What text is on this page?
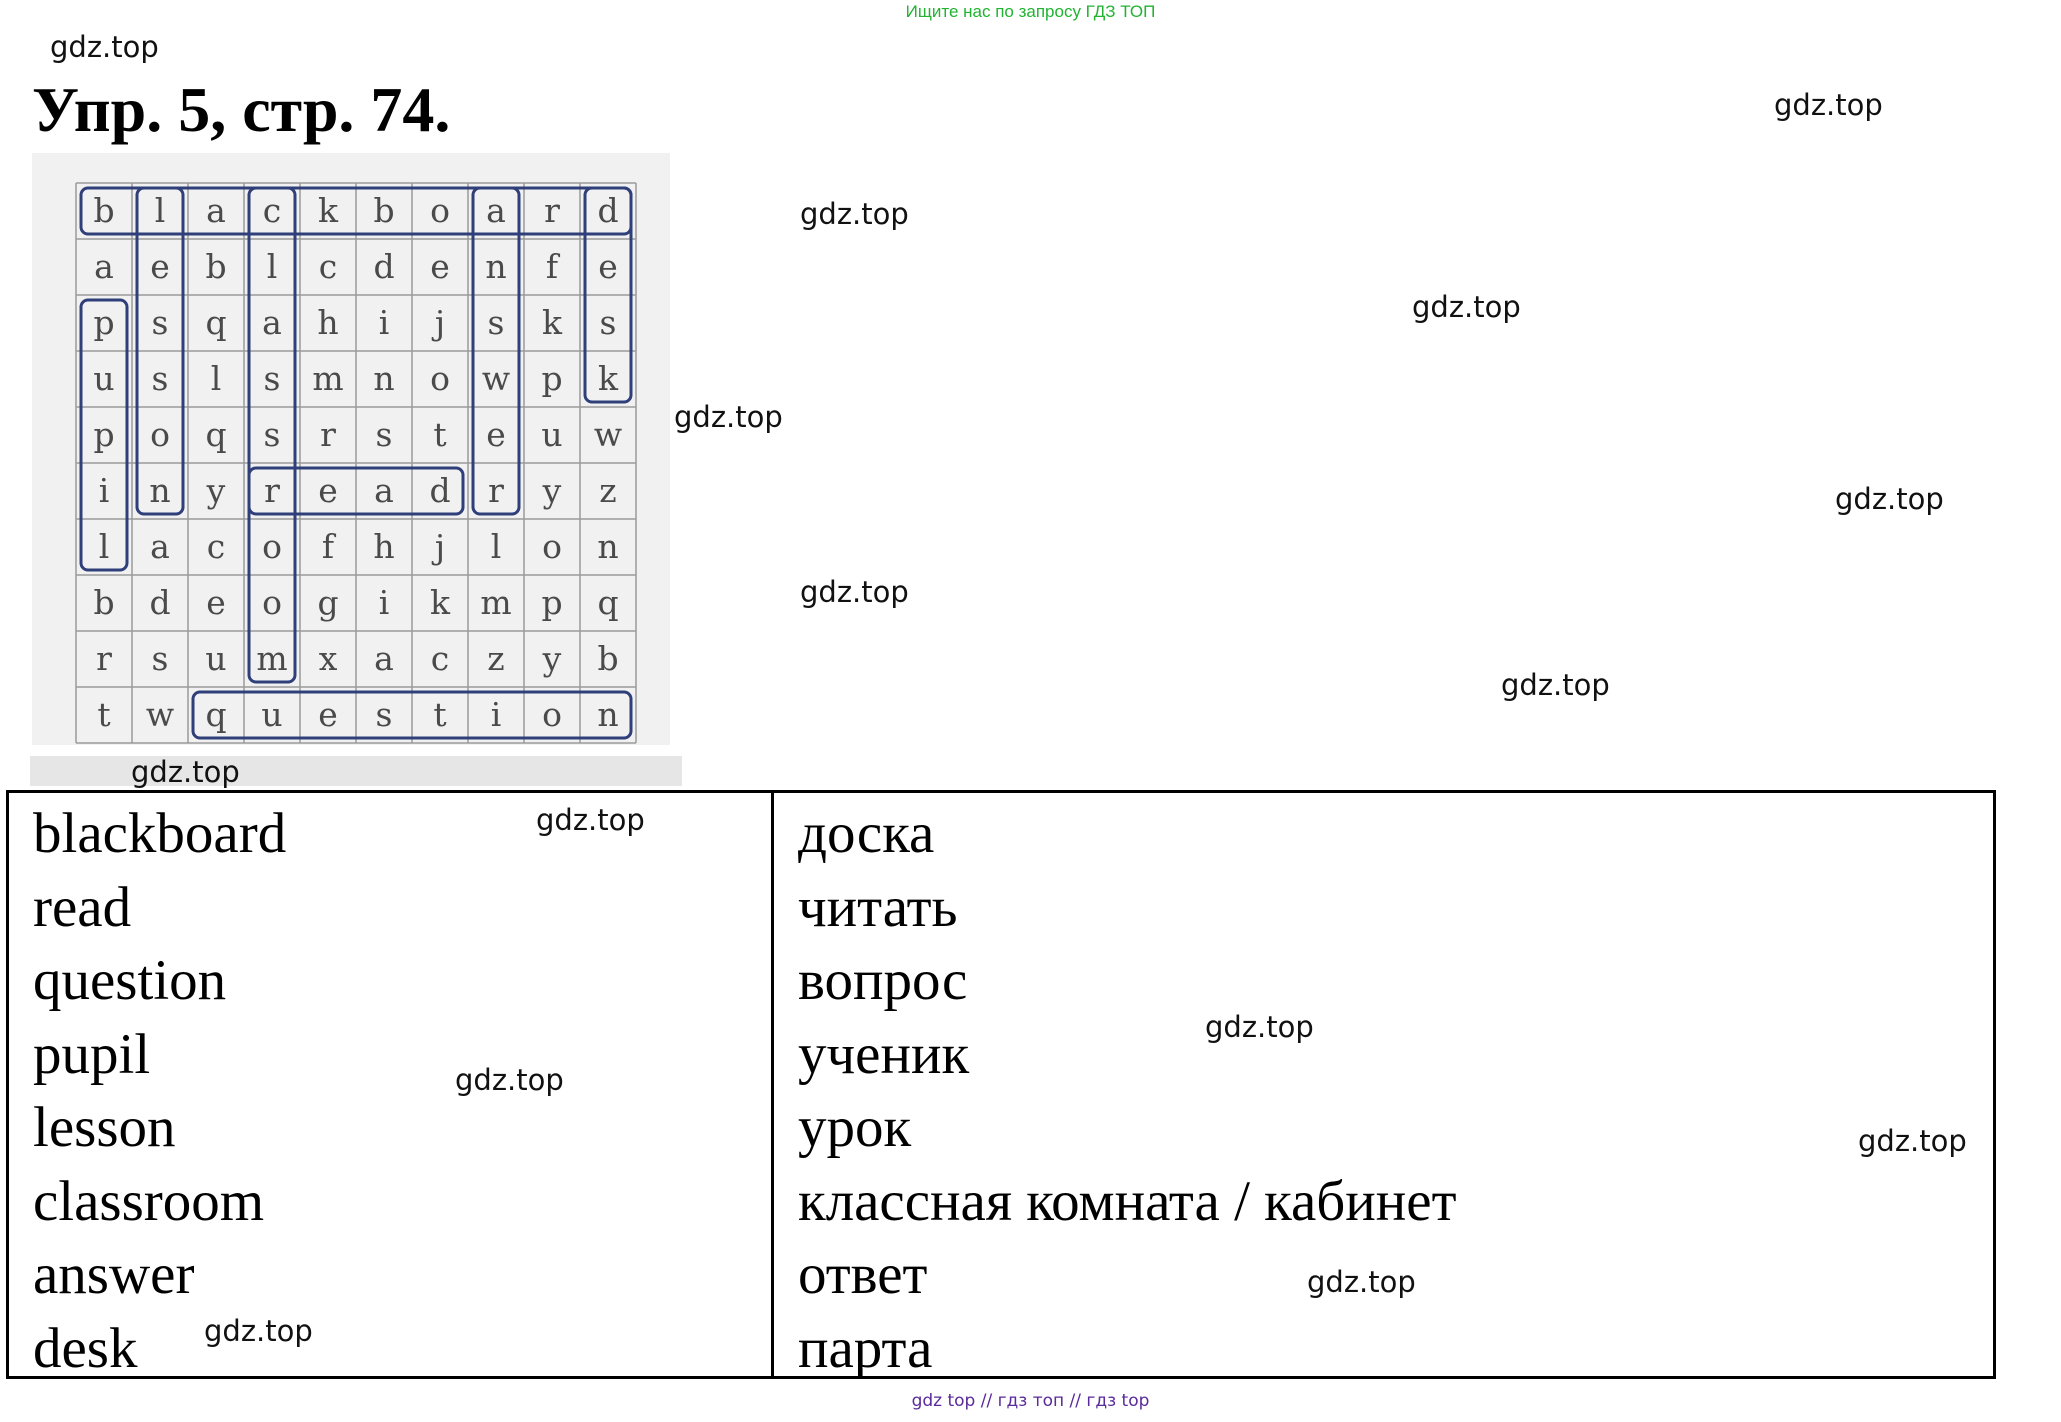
Ищите нас по запросу ГДЗ ТОП
Упр. 5, стр. 74.
b l a c k b o a r d
a e b l c d e n f e
p s q a h i j s k s
u s l s m n o w p k
p o q s r s t e u w
i n y r e a d r y z
l a c o f h j l o n
b d e o g i k m p q
r s u m x a c z y b
t w q u e s t i o n
blackboard
read
question
pupil
lesson
classroom
answer
desk
доска
читать
вопрос
ученик
урок
классная комната / кабинет
ответ
парта
gdz.top
gdz.top
gdz.top
gdz.top
gdz.top
gdz.top
gdz.top
gdz.top
gdz.top
gdz.top
gdz.top
gdz.top
gdz.top
gdz.top
gdz.top
gdz top // гдз топ // гдз top
